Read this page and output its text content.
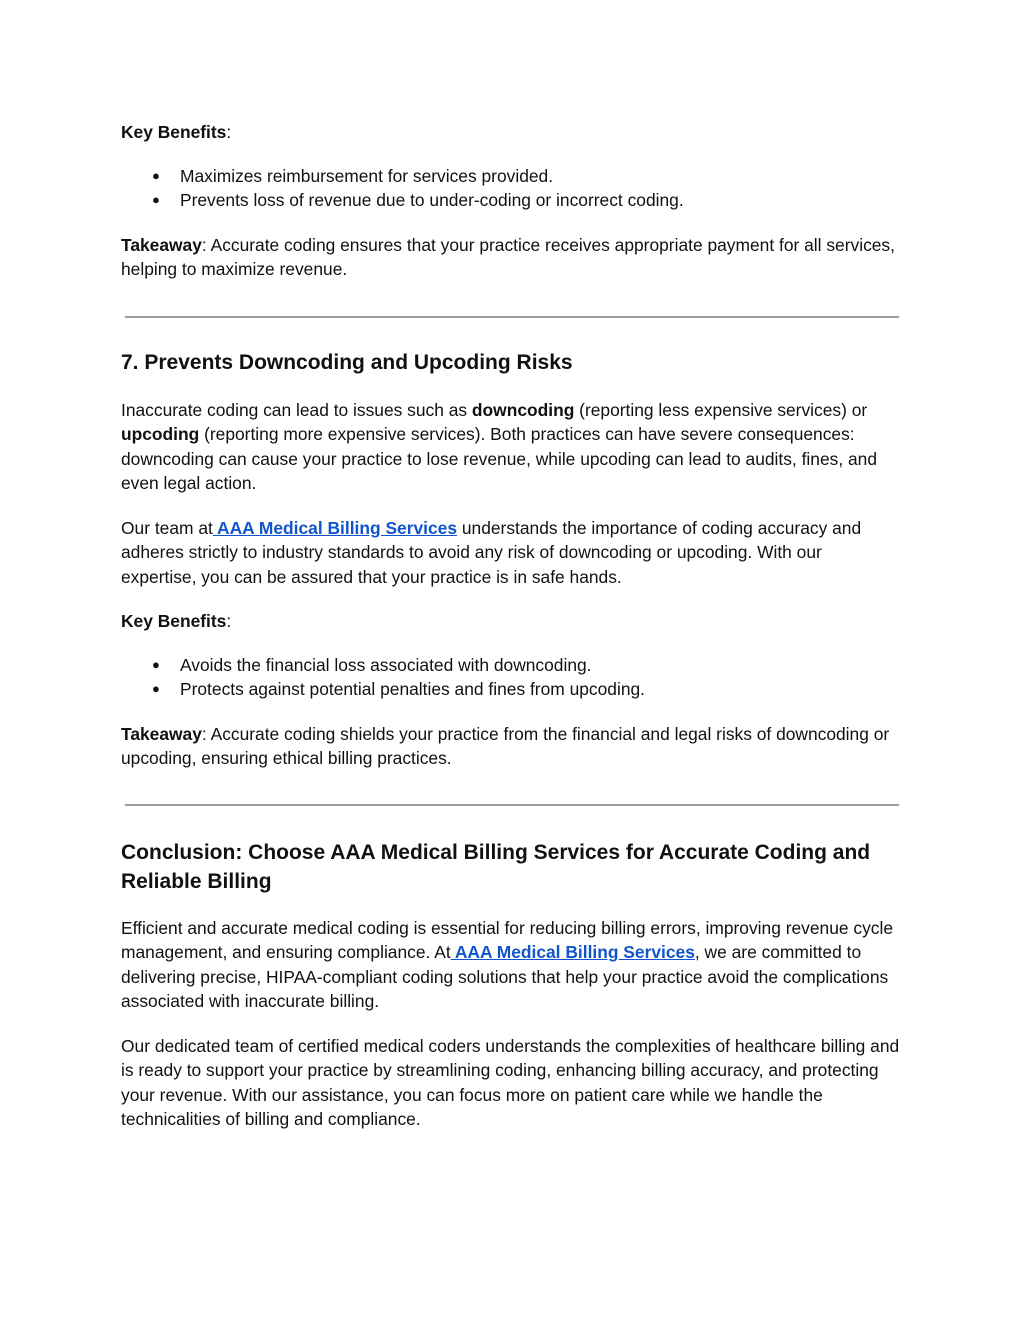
Key Benefits:

● Maximizes reimbursement for services provided.
● Prevents loss of revenue due to under-coding or incorrect coding.

Takeaway: Accurate coding ensures that your practice receives appropriate payment for all services, helping to maximize revenue.

7. Prevents Downcoding and Upcoding Risks

Inaccurate coding can lead to issues such as downcoding (reporting less expensive services) or upcoding (reporting more expensive services). Both practices can have severe consequences: downcoding can cause your practice to lose revenue, while upcoding can lead to audits, fines, and even legal action.

Our team at AAA Medical Billing Services understands the importance of coding accuracy and adheres strictly to industry standards to avoid any risk of downcoding or upcoding. With our expertise, you can be assured that your practice is in safe hands.

Key Benefits:

● Avoids the financial loss associated with downcoding.
● Protects against potential penalties and fines from upcoding.

Takeaway: Accurate coding shields your practice from the financial and legal risks of downcoding or upcoding, ensuring ethical billing practices.

Conclusion: Choose AAA Medical Billing Services for Accurate Coding and Reliable Billing

Efficient and accurate medical coding is essential for reducing billing errors, improving revenue cycle management, and ensuring compliance. At AAA Medical Billing Services, we are committed to delivering precise, HIPAA-compliant coding solutions that help your practice avoid the complications associated with inaccurate billing.

Our dedicated team of certified medical coders understands the complexities of healthcare billing and is ready to support your practice by streamlining coding, enhancing billing accuracy, and protecting your revenue. With our assistance, you can focus more on patient care while we handle the technicalities of billing and compliance.
